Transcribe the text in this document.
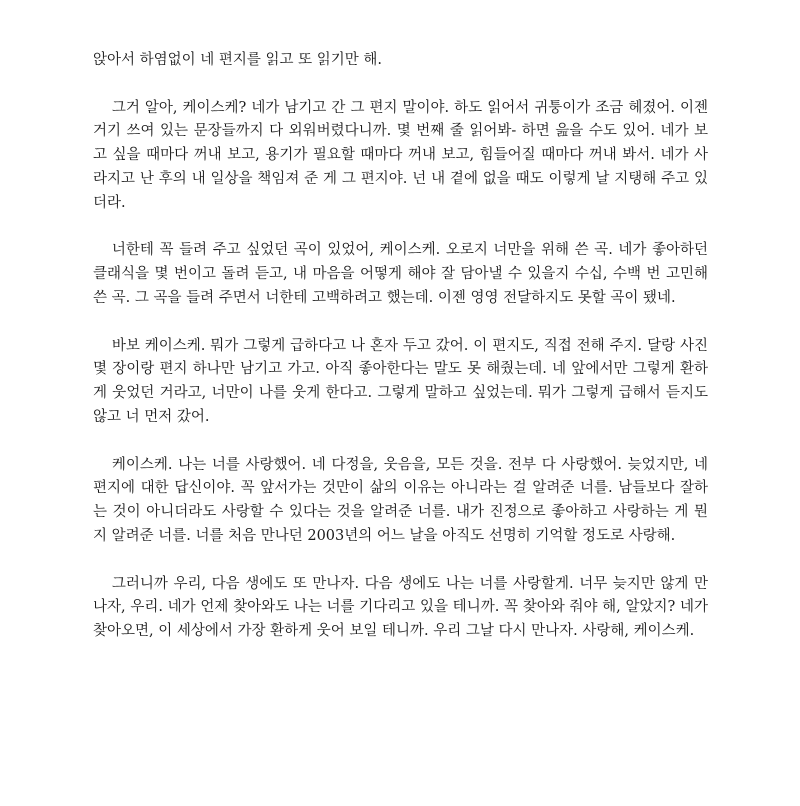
앉아서 하염없이 네 편지를 읽고 또 읽기만 해.

그거 알아, 케이스케? 네가 남기고 간 그 편지 말이야. 하도 읽어서 귀퉁이가 조금 헤졌어. 이젠 거기 쓰여 있는 문장들까지 다 외워버렸다니까. 몇 번째 줄 읽어봐- 하면 읊을 수도 있어. 네가 보고 싶을 때마다 꺼내 보고, 용기가 필요할 때마다 꺼내 보고, 힘들어질 때마다 꺼내 봐서. 네가 사라지고 난 후의 내 일상을 책임져 준 게 그 편지야. 넌 내 곁에 없을 때도 이렇게 날 지탱해 주고 있더라.

너한테 꼭 들려 주고 싶었던 곡이 있었어, 케이스케. 오로지 너만을 위해 쓴 곡. 네가 좋아하던 클래식을 몇 번이고 돌려 듣고, 내 마음을 어떻게 해야 잘 담아낼 수 있을지 수십, 수백 번 고민해 쓴 곡. 그 곡을 들려 주면서 너한테 고백하려고 했는데. 이젠 영영 전달하지도 못할 곡이 됐네.

바보 케이스케. 뭐가 그렇게 급하다고 나 혼자 두고 갔어. 이 편지도, 직접 전해 주지. 달랑 사진 몇 장이랑 편지 하나만 남기고 가고. 아직 좋아한다는 말도 못 해줬는데. 네 앞에서만 그렇게 환하게 웃었던 거라고, 너만이 나를 웃게 한다고. 그렇게 말하고 싶었는데. 뭐가 그렇게 급해서 듣지도 않고 너 먼저 갔어.

케이스케. 나는 너를 사랑했어. 네 다정을, 웃음을, 모든 것을. 전부 다 사랑했어. 늦었지만, 네 편지에 대한 답신이야. 꼭 앞서가는 것만이 삶의 이유는 아니라는 걸 알려준 너를. 남들보다 잘하는 것이 아니더라도 사랑할 수 있다는 것을 알려준 너를. 내가 진정으로 좋아하고 사랑하는 게 뭔지 알려준 너를. 너를 처음 만나던 2003년의 어느 날을 아직도 선명히 기억할 정도로 사랑해.

그러니까 우리, 다음 생에도 또 만나자. 다음 생에도 나는 너를 사랑할게. 너무 늦지만 않게 만나자, 우리. 네가 언제 찾아와도 나는 너를 기다리고 있을 테니까. 꼭 찾아와 줘야 해, 알았지? 네가 찾아오면, 이 세상에서 가장 환하게 웃어 보일 테니까. 우리 그날 다시 만나자. 사랑해, 케이스케.
